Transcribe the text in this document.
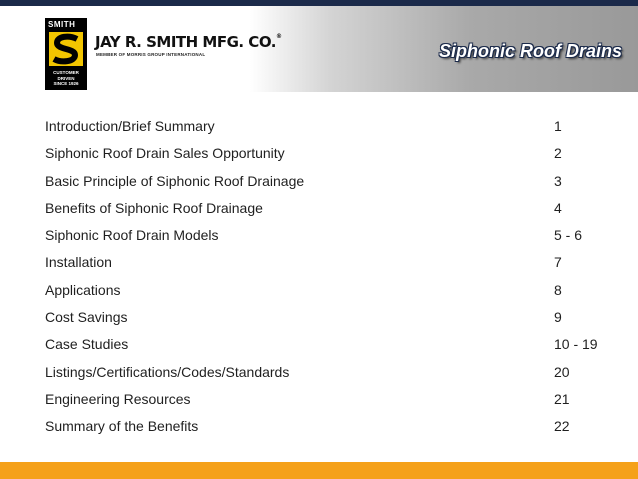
SMITH
CUSTOMER
DRIVEN
SINCE 1926
JAY R. SMITH MFG. CO.®
MEMBER OF MORRIS GROUP INTERNATIONAL	Siphonic Roof Drains
Introduction/Brief Summary	1
Siphonic Roof Drain Sales Opportunity	2
Basic Principle of Siphonic Roof Drainage	3
Benefits of Siphonic Roof Drainage	4
Siphonic Roof Drain Models	5 - 6
Installation	7
Applications	8
Cost Savings	9
Case Studies	10 - 19
Listings/Certifications/Codes/Standards	20
Engineering Resources	21
Summary of the Benefits	22
